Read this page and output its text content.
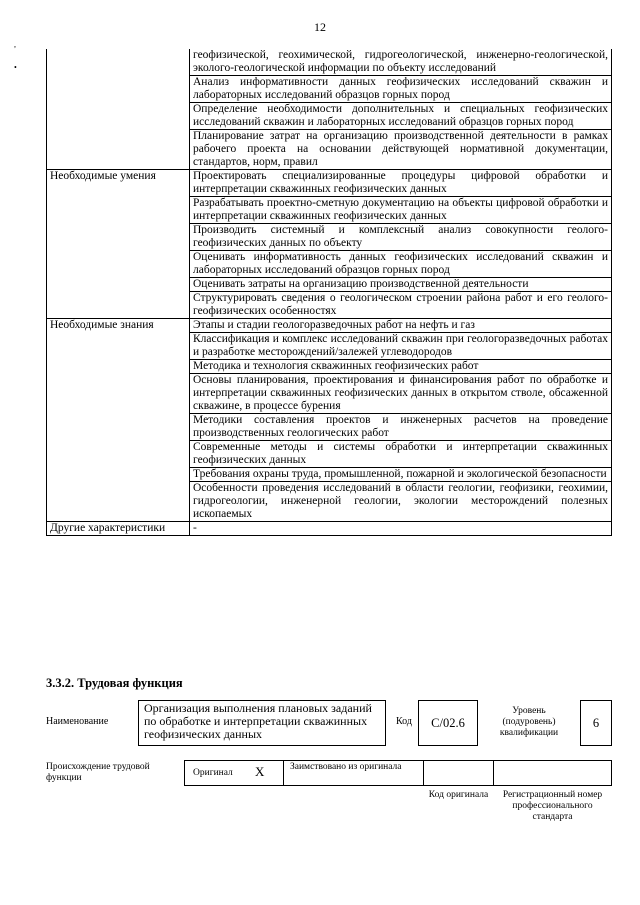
12
,
•
	геофизической, геохимической, гидрогеологической, инженерно-геологической, эколого-геологической информации по объекту исследований
	Анализ информативности данных геофизических исследований скважин и лабораторных исследований образцов горных пород
	Определение необходимости дополнительных и специальных геофизических исследований скважин и лабораторных исследований образцов горных пород
	Планирование затрат на организацию производственной деятельности в рамках рабочего проекта на основании действующей нормативной документации, стандартов, норм, правил
Необходимые умения	Проектировать специализированные процедуры цифровой обработки и интерпретации скважинных геофизических данных
	Разрабатывать проектно-сметную документацию на объекты цифровой обработки и интерпретации скважинных геофизических данных
	Производить системный и комплексный анализ совокупности геолого-геофизических данных по объекту
	Оценивать информативность данных геофизических исследований скважин и лабораторных исследований образцов горных пород
	Оценивать затраты на организацию производственной деятельности
	Структурировать сведения о геологическом строении района работ и его геолого-геофизических особенностях
Необходимые знания	Этапы и стадии геологоразведочных работ на нефть и газ
	Классификация и комплекс исследований скважин при геологоразведочных работах и разработке месторождений/залежей углеводородов
	Методика и технология скважинных геофизических работ
	Основы планирования, проектирования и финансирования работ по обработке и интерпретации скважинных геофизических данных в открытом стволе, обсаженной скважине, в процессе бурения
	Методики составления проектов и инженерных расчетов на проведение производственных геологических работ
	Современные методы и системы обработки и интерпретации скважинных геофизических данных
	Требования охраны труда, промышленной, пожарной и экологической безопасности
	Особенности проведения исследований в области геологии, геофизики, геохимии, гидрогеологии, инженерной геологии, экологии месторождений полезных ископаемых
Другие характеристики	-
3.3.2. Трудовая функция
Наименование
Организация выполнения плановых заданий по обработке и интерпретации скважинных геофизических данных
Код C/02.6
Уровень (подуровень) квалификации
6
Происхождение трудовой функции	Оригинал X	Заимствовано из оригинала
Код оригинала	Регистрационный номер профессионального стандарта
